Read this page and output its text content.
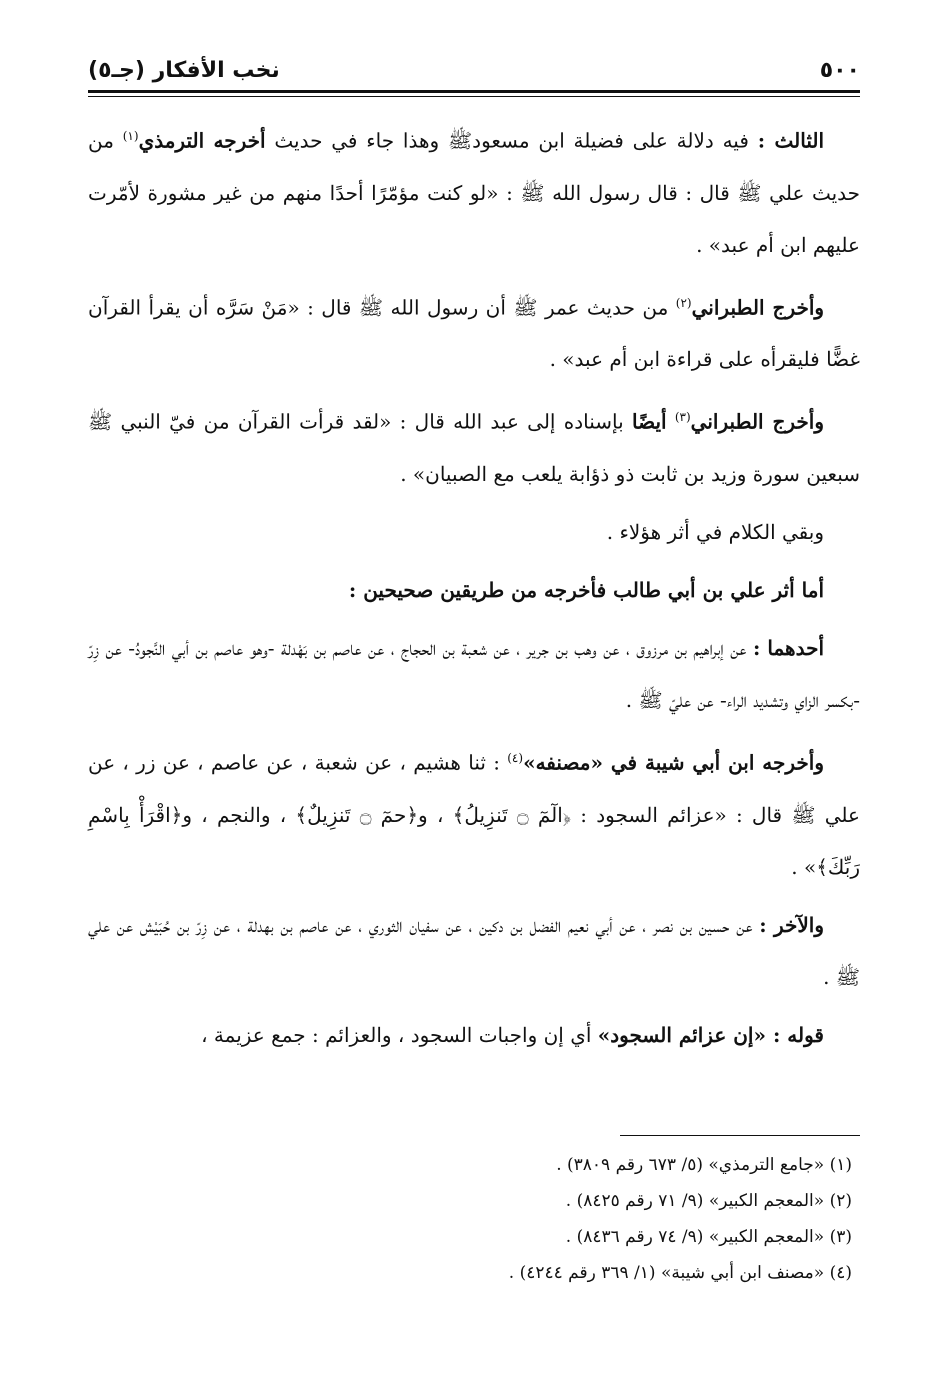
٥٠٠
نخب الأفكار (جـ٥)

الثالث : فيه دلالة على فضيلة ابن مسعودﷺ وهذا جاء في حديث أخرجه الترمذي$^{(١)}$ من حديث علي ﷺ قال : قال رسول الله ﷺ : «لو كنت مؤمّرًا أحدًا منهم من غير مشورة لأمّرت عليهم ابن أم عبد» .

وأخرج الطبراني$^{(٢)}$ من حديث عمر ﷺ أن رسول الله ﷺ قال : «مَنْ سَرَّه أن يقرأ القرآن غضًّا فليقرأه على قراءة ابن أم عبد» .

وأخرج الطبراني$^{(٣)}$ أيضًا بإسناده إلى عبد الله قال : «لقد قرأت القرآن من فيّ النبي ﷺ سبعين سورة وزيد بن ثابت ذو ذؤابة يلعب مع الصبيان» .

وبقي الكلام في أثر هؤلاء .

أما أثر علي بن أبي طالب فأخرجه من طريقين صحيحين :

أحدهما : عن إبراهيم بن مرزوق ، عن وهب بن جرير ، عن شعبة بن الحجاج ، عن عاصم بن بَهْدلة -وهو عاصم بن أبي النَّجودُ- عن زِرّ -بكسر الزاي وتشديد الراء- عن عليّ ﷺ .

وأخرجه ابن أبي شيبة في «مصنفه»$^{(٤)}$ : ثنا هشيم ، عن شعبة ، عن عاصم ، عن زر ، عن علي ﷺ قال : «عزائم السجود : ﴿الٓمٓ ۝ تَنزِيلُ﴾ ، و﴿حمٓ ۝ تَنزِيلٌ﴾ ، والنجم ، و﴿اقْرَأْ بِاسْمِ رَبِّكَ﴾» .

والآخر : عن حسين بن نصر ، عن أبي نعيم الفضل بن دكين ، عن سفيان الثوري ، عن عاصم بن بهدلة ، عن زِرّ بن حُبَيْش عن علي ﷺ .

قوله : «إن عزائم السجود» أي إن واجبات السجود ، والعزائم : جمع عزيمة ،

(١) «جامع الترمذي» (٥/ ٦٧٣ رقم ٣٨٠٩) .

(٢) «المعجم الكبير» (٩/ ٧١ رقم ٨٤٢٥) .

(٣) «المعجم الكبير» (٩/ ٧٤ رقم ٨٤٣٦) .

(٤) «مصنف ابن أبي شيبة» (١/ ٣٦٩ رقم ٤٢٤٤) .
